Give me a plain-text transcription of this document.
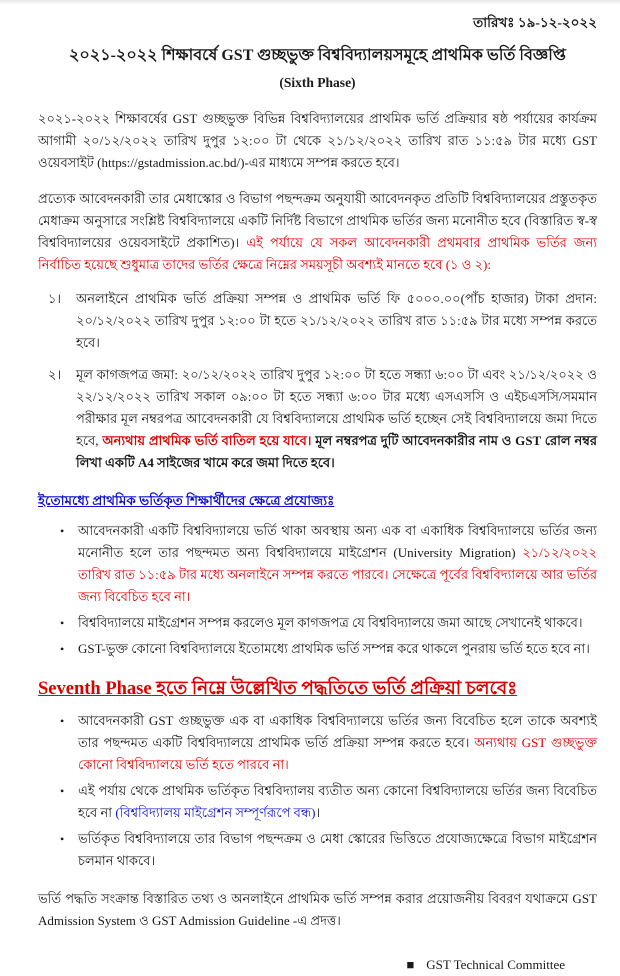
তারিখঃ ১৯-১২-২০২২
২০২১-২০২২ শিক্ষাবর্ষে GST গুচ্ছভুক্ত বিশ্ববিদ্যালয়সমূহে প্রাথমিক ভর্তি বিজ্ঞপ্তি
(Sixth Phase)
২০২১-২০২২ শিক্ষাবর্ষের GST গুচ্ছভুক্ত বিভিন্ন বিশ্ববিদ্যালয়ের প্রাথমিক ভর্তি প্রক্রিয়ার ষষ্ঠ পর্যায়ের কার্যক্রম আগামী ২০/১২/২০২২ তারিখ দুপুর ১২:০০ টা থেকে ২১/১২/২০২২ তারিখ রাত ১১:৫৯ টার মধ্যে GST ওয়েবসাইট (https://gstadmission.ac.bd/)-এর মাধ্যমে সম্পন্ন করতে হবে।
প্রত্যেক আবেদনকারী তার মেধাস্কোর ও বিভাগ পছন্দক্রম অনুযায়ী আবেদনকৃত প্রতিটি বিশ্ববিদ্যালয়ের প্রস্তুতকৃত মেধাক্রম অনুসারে সংশ্লিষ্ট বিশ্ববিদ্যালয়ে একটি নির্দিষ্ট বিভাগে প্রাথমিক ভর্তির জন্য মনোনীত হবে (বিস্তারিত স্ব-স্ব বিশ্ববিদ্যালয়ের ওয়েবসাইটে প্রকাশিত)। এই পর্যায়ে যে সকল আবেদনকারী প্রথমবার প্রাথমিক ভর্তির জন্য নির্বাচিত হয়েছে শুধুমাত্র তাদের ভর্তির ক্ষেত্রে নিম্নের সময়সূচী অবশ্যই মানতে হবে (১ ও ২):
১।	অনলাইনে প্রাথমিক ভর্তি প্রক্রিয়া সম্পন্ন ও প্রাথমিক ভর্তি ফি ৫০০০.০০(পাঁচ হাজার) টাকা প্রদান: ২০/১২/২০২২ তারিখ দুপুর ১২:০০ টা হতে ২১/১২/২০২২ তারিখ রাত ১১:৫৯ টার মধ্যে সম্পন্ন করতে হবে।
২।	মূল কাগজপত্র জমা: ২০/১২/২০২২ তারিখ দুপুর ১২:০০ টা হতে সন্ধ্যা ৬:০০ টা এবং ২১/১২/২০২২ ও ২২/১২/২০২২ তারিখ সকাল ০৯:০০ টা হতে সন্ধ্যা ৬:০০ টার মধ্যে এসএসসি ও এইচএসসি/সমমান পরীক্ষার মূল নম্বরপত্র আবেদনকারী যে বিশ্ববিদ্যালয়ে প্রাথমিক ভর্তি হচ্ছেন সেই বিশ্ববিদ্যালয়ে জমা দিতে হবে, অন্যথায় প্রাথমিক ভর্তি বাতিল হয়ে যাবে। মূল নম্বরপত্র দুটি আবেদনকারীর নাম ও GST রোল নম্বর লিখা একটি A4 সাইজের খামে করে জমা দিতে হবে।
ইতোমধ্যে প্রাথমিক ভর্তিকৃত শিক্ষার্থীদের ক্ষেত্রে প্রযোজ্যঃ
•	আবেদনকারী একটি বিশ্ববিদ্যালয়ে ভর্তি থাকা অবস্থায় অন্য এক বা একাধিক বিশ্ববিদ্যালয়ে ভর্তির জন্য মনোনীত হলে তার পছন্দমত অন্য বিশ্ববিদ্যালয়ে মাইগ্রেশন (University Migration) ২১/১২/২০২২ তারিখ রাত ১১:৫৯ টার মধ্যে অনলাইনে সম্পন্ন করতে পারবে। সেক্ষেত্রে পূর্বের বিশ্ববিদ্যালয়ে আর ভর্তির জন্য বিবেচিত হবে না।
•	বিশ্ববিদ্যালয়ে মাইগ্রেশন সম্পন্ন করলেও মূল কাগজপত্র যে বিশ্ববিদ্যালয়ে জমা আছে সেখানেই থাকবে।
•	GST-ভুক্ত কোনো বিশ্ববিদ্যালয়ে ইতোমধ্যে প্রাথমিক ভর্তি সম্পন্ন করে থাকলে পুনরায় ভর্তি হতে হবে না।
Seventh Phase হতে নিম্নে উল্লেখিত পদ্ধতিতে ভর্তি প্রক্রিয়া চলবেঃ
•	আবেদনকারী GST গুচ্ছভুক্ত এক বা একাধিক বিশ্ববিদ্যালয়ে ভর্তির জন্য বিবেচিত হলে তাকে অবশ্যই তার পছন্দমত একটি বিশ্ববিদ্যালয়ে প্রাথমিক ভর্তি প্রক্রিয়া সম্পন্ন করতে হবে। অন্যথায় GST গুচ্ছভুক্ত কোনো বিশ্ববিদ্যালয়ে ভর্তি হতে পারবে না।
•	এই পর্যায় থেকে প্রাথমিক ভর্তিকৃত বিশ্ববিদ্যালয় ব্যতীত অন্য কোনো বিশ্ববিদ্যালয়ে ভর্তির জন্য বিবেচিত হবে না (বিশ্ববিদ্যালয় মাইগ্রেশন সম্পূর্ণরূপে বন্ধ)।
•	ভর্তিকৃত বিশ্ববিদ্যালয়ে তার বিভাগ পছন্দক্রম ও মেধা স্কোরের ভিত্তিতে প্রযোজ্যক্ষেত্রে বিভাগ মাইগ্রেশন চলমান থাকবে।
ভর্তি পদ্ধতি সংক্রান্ত বিস্তারিত তথ্য ও অনলাইনে প্রাথমিক ভর্তি সম্পন্ন করার প্রয়োজনীয় বিবরণ যথাক্রমে GST Admission System ও GST Admission Guideline -এ প্রদত্ত।
■ GST Technical Committee
